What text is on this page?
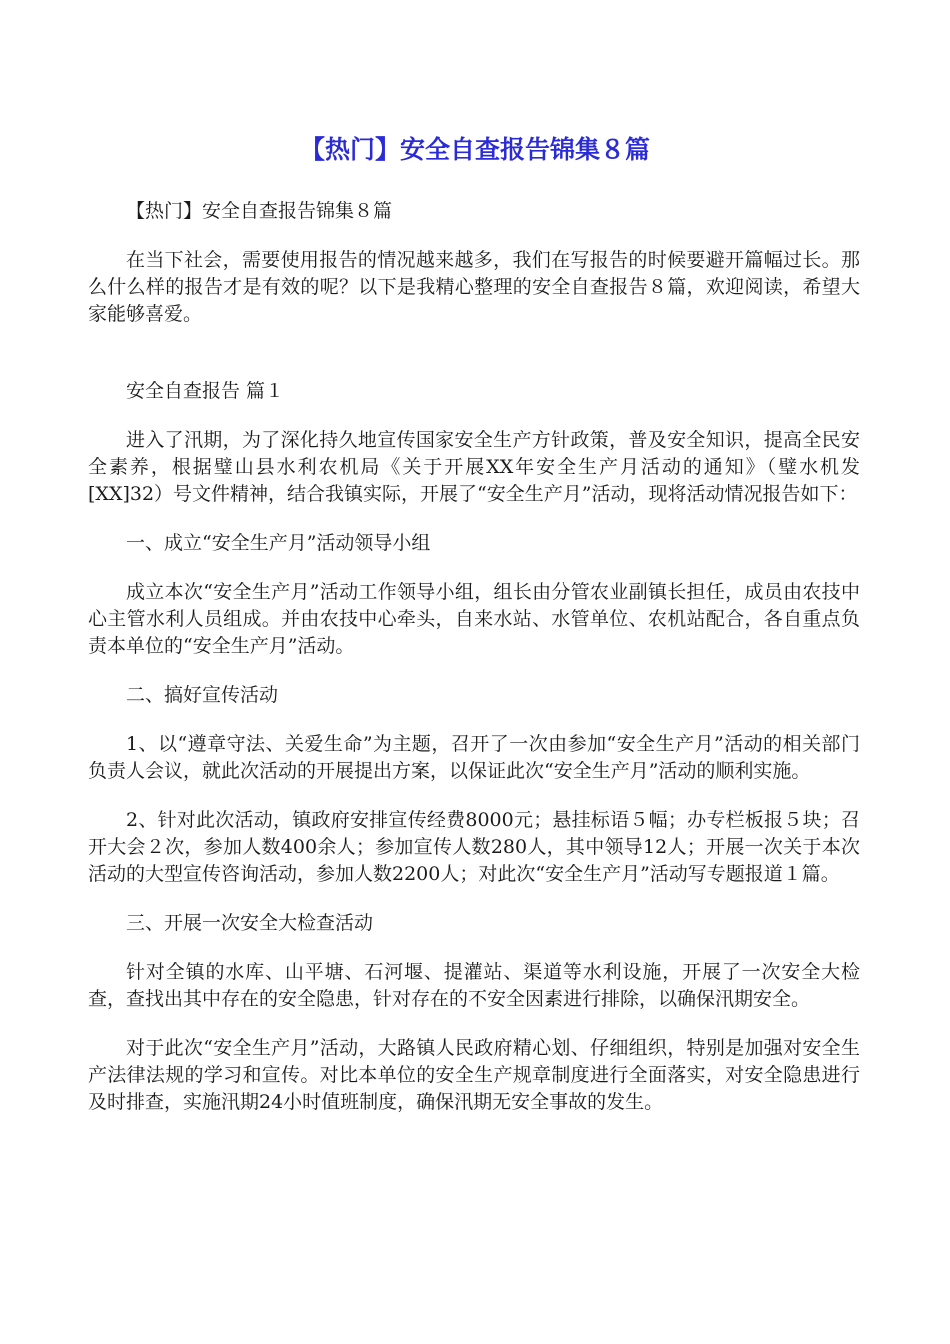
【热门】安全自查报告锦集８篇

【热门】安全自查报告锦集８篇

在当下社会，需要使用报告的情况越来越多，我们在写报告的时候要避开篇幅过长。那么什么样的报告才是有效的呢？以下是我精心整理的安全自查报告８篇，欢迎阅读，希望大家能够喜爱。

安全自查报告 篇１

进入了汛期，为了深化持久地宣传国家安全生产方针政策，普及安全知识，提高全民安全素养，根据璧山县水利农机局《关于开展XX年安全生产月活动的通知》（璧水机发[XX]32）号文件精神，结合我镇实际，开展了“安全生产月”活动，现将活动情况报告如下：

一、成立“安全生产月”活动领导小组

成立本次“安全生产月”活动工作领导小组，组长由分管农业副镇长担任，成员由农技中心主管水利人员组成。并由农技中心牵头，自来水站、水管单位、农机站配合，各自重点负责本单位的“安全生产月”活动。

二、搞好宣传活动

1、以“遵章守法、关爱生命”为主题，召开了一次由参加“安全生产月”活动的相关部门负责人会议，就此次活动的开展提出方案，以保证此次“安全生产月”活动的顺利实施。

2、针对此次活动，镇政府安排宣传经费8000元；悬挂标语５幅；办专栏板报５块；召开大会２次，参加人数400余人；参加宣传人数280人，其中领导12人；开展一次关于本次活动的大型宣传咨询活动，参加人数2200人；对此次“安全生产月”活动写专题报道１篇。

三、开展一次安全大检查活动

针对全镇的水库、山平塘、石河堰、提灌站、渠道等水利设施，开展了一次安全大检查，查找出其中存在的安全隐患，针对存在的不安全因素进行排除，以确保汛期安全。

对于此次“安全生产月”活动，大路镇人民政府精心划、仔细组织，特别是加强对安全生产法律法规的学习和宣传。对比本单位的安全生产规章制度进行全面落实，对安全隐患进行及时排查，实施汛期24小时值班制度，确保汛期无安全事故的发生。
